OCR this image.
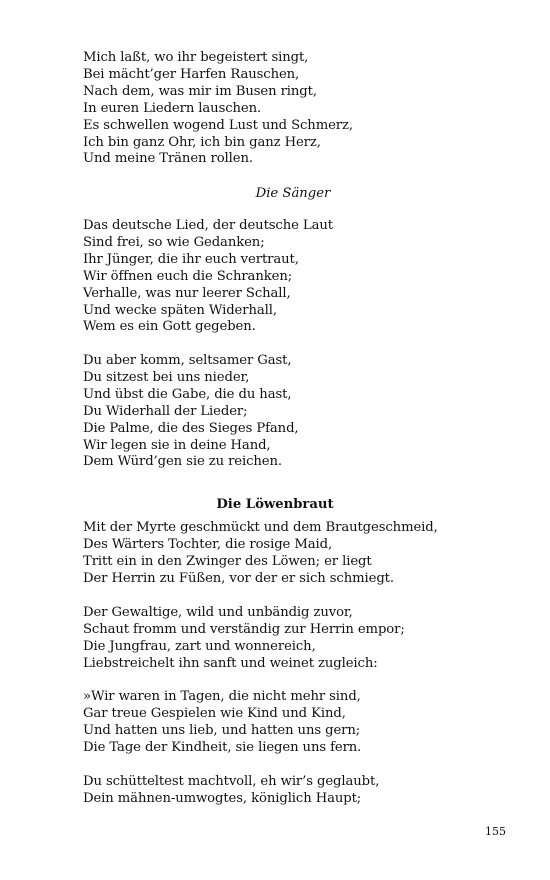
Mich laßt, wo ihr begeistert singt,
Bei mächt’ger Harfen Rauschen,
Nach dem, was mir im Busen ringt,
In euren Liedern lauschen.
Es schwellen wogend Lust und Schmerz,
Ich bin ganz Ohr, ich bin ganz Herz,
Und meine Tränen rollen.
Die Sänger
Das deutsche Lied, der deutsche Laut
Sind frei, so wie Gedanken;
Ihr Jünger, die ihr euch vertraut,
Wir öffnen euch die Schranken;
Verhalle, was nur leerer Schall,
Und wecke späten Widerhall,
Wem es ein Gott gegeben.
Du aber komm, seltsamer Gast,
Du sitzest bei uns nieder,
Und übst die Gabe, die du hast,
Du Widerhall der Lieder;
Die Palme, die des Sieges Pfand,
Wir legen sie in deine Hand,
Dem Würd’gen sie zu reichen.
Die Löwenbraut
Mit der Myrte geschmückt und dem Brautgeschmeid,
Des Wärters Tochter, die rosige Maid,
Tritt ein in den Zwinger des Löwen; er liegt
Der Herrin zu Füßen, vor der er sich schmiegt.
Der Gewaltige, wild und unbändig zuvor,
Schaut fromm und verständig zur Herrin empor;
Die Jungfrau, zart und wonnereich,
Liebstreichelt ihn sanft und weinet zugleich:
»Wir waren in Tagen, die nicht mehr sind,
Gar treue Gespielen wie Kind und Kind,
Und hatten uns lieb, und hatten uns gern;
Die Tage der Kindheit, sie liegen uns fern.
Du schütteltest machtvoll, eh wir’s geglaubt,
Dein mähnen-umwogtes, königlich Haupt;
155
